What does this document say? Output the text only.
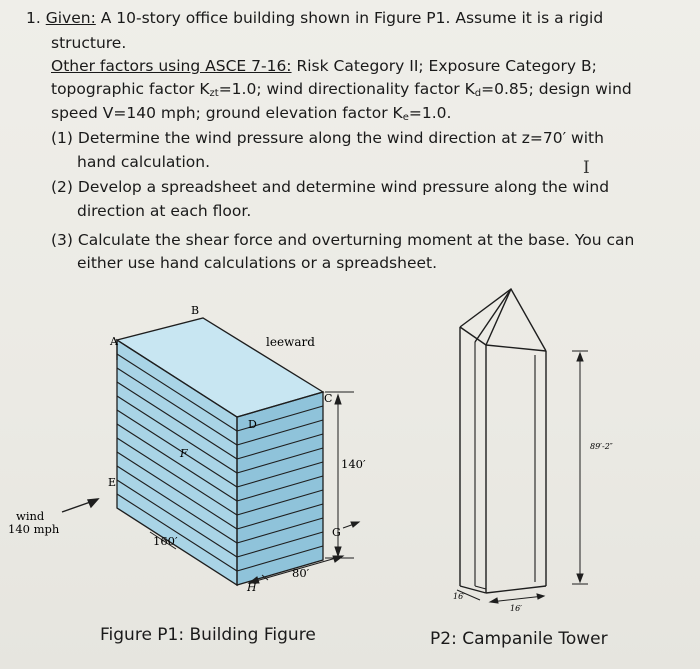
1. Given: A 10-story office building shown in Figure P1. Assume it is a rigid
structure.
Other factors using ASCE 7-16: Risk Category II; Exposure Category B;
topographic factor $K_{zt}=1.0$; wind directionality factor $K_d=0.85$; design wind
speed V=140 mph; ground elevation factor $K_e=1.0$.
(1) Determine the wind pressure along the wind direction at z=70′ with
hand calculation.
(2) Develop a spreadsheet and determine wind pressure along the wind
direction at each floor.
(3) Calculate the shear force and overturning moment at the base. You can
either use hand calculations or a spreadsheet.
I
A
B
C
D
E
F
G
H
leeward
wind
140 mph
140′
160′
80′
89′-2″
16′
16′
Figure P1: Building Figure	P2: Campanile Tower
